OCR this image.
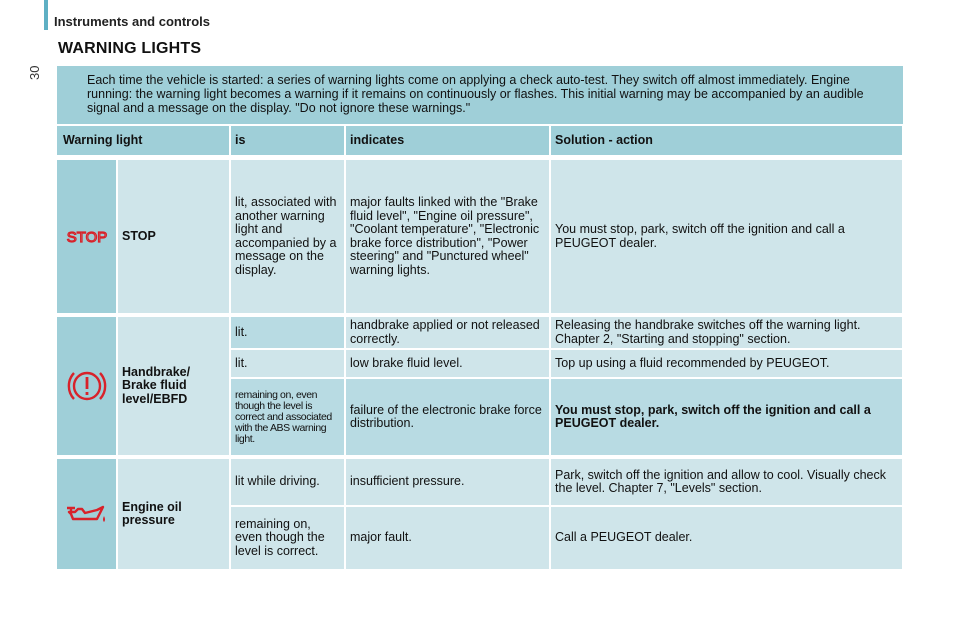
Instruments and controls
30
WARNING LIGHTS
Each time the vehicle is started: a series of warning lights come on applying a check auto-test. They switch off almost immediately. Engine running: the warning light becomes a warning if it remains on continuously or flashes. This initial warning may be accompanied by an audible signal and a message on the display. "Do not ignore these warnings."
Warning light		is	indicates	Solution - action

STOP	STOP	lit, associated with another warning light and accompanied by a message on the display.	major faults linked with the "Brake fluid level", "Engine oil pressure", "Coolant temperature", "Electronic brake force distribution", "Power steering" and "Punctured wheel" warning lights.	You must stop, park, switch off the ignition and call a PEUGEOT dealer.

	Handbrake/ Brake fluid level/EBFD	lit.	handbrake applied or not released correctly.	Releasing the handbrake switches off the warning light. Chapter 2, "Starting and stopping" section.
		lit.	low brake fluid level.	Top up using a fluid recommended by PEUGEOT.
		remaining on, even though the level is correct and associated with the ABS warning light.	failure of the electronic brake force distribution.	You must stop, park, switch off the ignition and call a PEUGEOT dealer.

	Engine oil pressure	lit while driving.	insufficient pressure.	Park, switch off the ignition and allow to cool. Visually check the level. Chapter 7, "Levels" section.
		remaining on, even though the level is correct.	major fault.	Call a PEUGEOT dealer.
